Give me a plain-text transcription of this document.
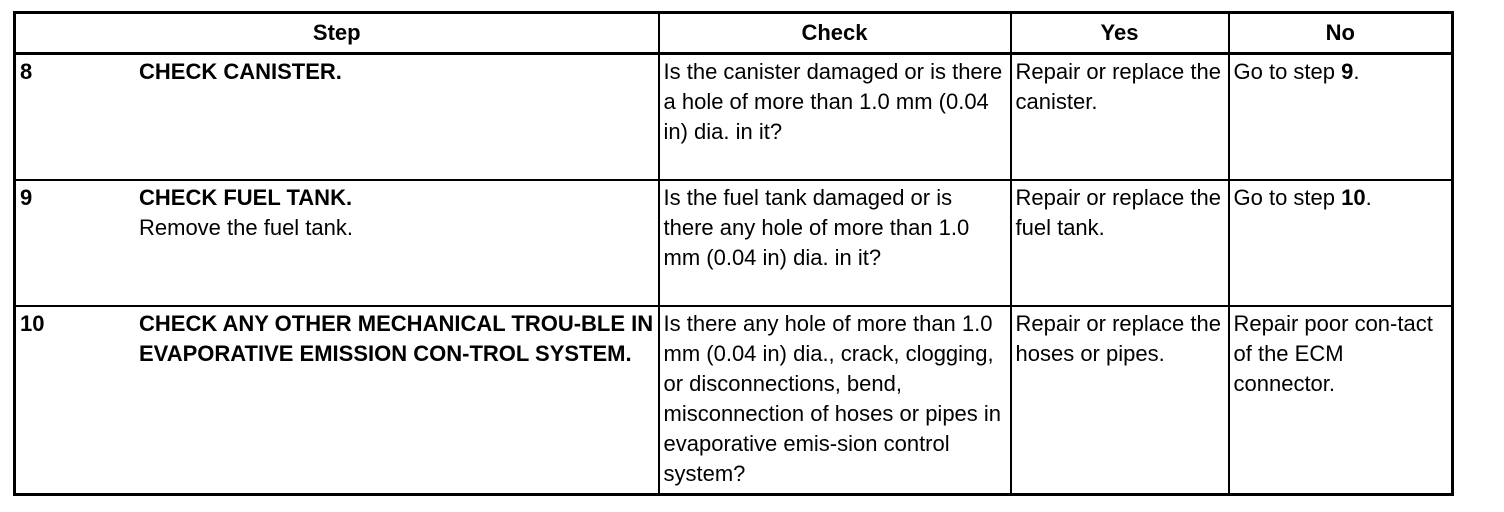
Step	Check	Yes	No

8 CHECK CANISTER.	Is the canister damaged or is there a hole of more than 1.0 mm (0.04 in) dia. in it?	Repair or replace the canister.	Go to step 9.

9 CHECK FUEL TANK.
Remove the fuel tank.	Is the fuel tank damaged or is there any hole of more than 1.0 mm (0.04 in) dia. in it?	Repair or replace the fuel tank.	Go to step 10.

10 CHECK ANY OTHER MECHANICAL TROU-BLE IN EVAPORATIVE EMISSION CON-TROL SYSTEM.	Is there any hole of more than 1.0 mm (0.04 in) dia., crack, clogging, or disconnections, bend, misconnection of hoses or pipes in evaporative emis-sion control system?	Repair or replace the hoses or pipes.	Repair poor con-tact of the ECM connector.
